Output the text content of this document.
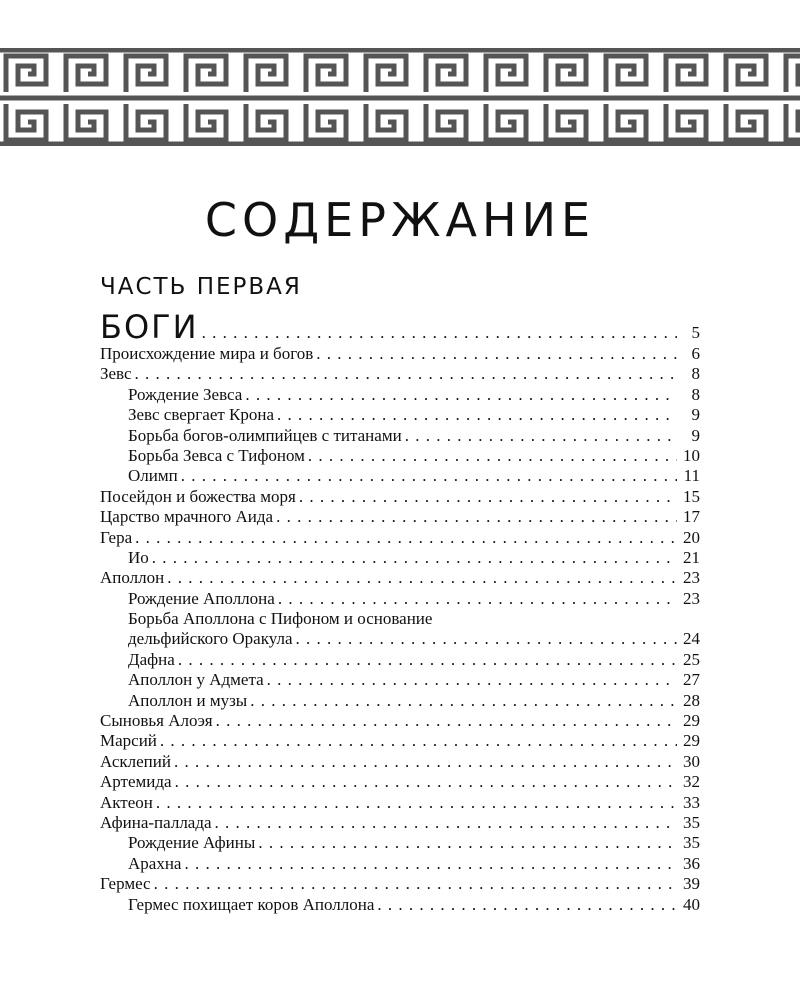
СОДЕРЖАНИЕ
ЧАСТЬ ПЕРВАЯ
БОГИ . . .	5
Происхождение мира и богов . . .	6
Зевс . . .	8
Рождение Зевса . . .	8
Зевс свергает Крона . . .	9
Борьба богов-олимпийцев с титанами . . .	9
Борьба Зевса с Тифоном . . .	10
Олимп . . .	11
Посейдон и божества моря . . .	15
Царство мрачного Аида . . .	17
Гера . . .	20
Ио . . .	21
Аполлон . . .	23
Рождение Аполлона . . .	23
Борьба Аполлона с Пифоном и основание
дельфийского Оракула . . .	24
Дафна . . .	25
Аполлон у Адмета . . .	27
Аполлон и музы . . .	28
Сыновья Алоэя . . .	29
Марсий . . .	29
Асклепий . . .	30
Артемида . . .	32
Актеон . . .	33
Афина-паллада . . .	35
Рождение Афины . . .	35
Арахна . . .	36
Гермес . . .	39
Гермес похищает коров Аполлона . . .	40
